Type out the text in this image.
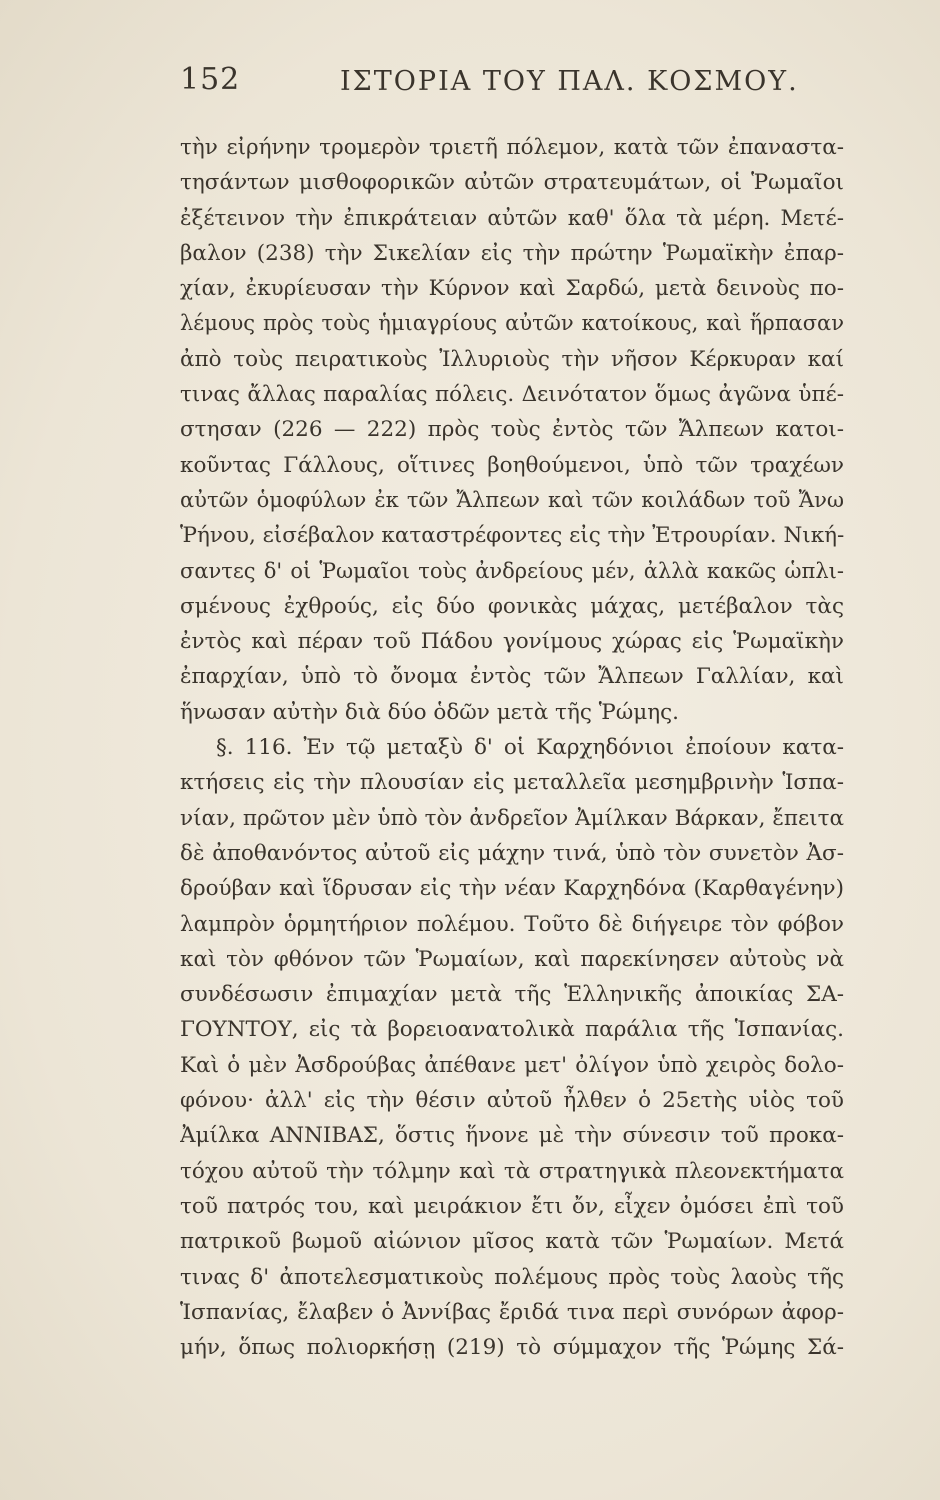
152	ΙΣΤΟΡΙΑ ΤΟΥ ΠΑΛ. ΚΟΣΜΟΥ.
τὴν εἰρήνην τρομερὸν τριετῆ πόλεμον, κατὰ τῶν ἐπαναστα-
τησάντων μισθοφορικῶν αὐτῶν στρατευμάτων, οἱ Ῥωμαῖοι
ἐξέτεινον τὴν ἐπικράτειαν αὐτῶν καθ' ὅλα τὰ μέρη. Μετέ-
βαλον (238) τὴν Σικελίαν εἰς τὴν πρώτην Ῥωμαϊκὴν ἐπαρ-
χίαν, ἐκυρίευσαν τὴν Κύρνον καὶ Σαρδώ, μετὰ δεινοὺς πο-
λέμους πρὸς τοὺς ἡμιαγρίους αὐτῶν κατοίκους, καὶ ἥρπασαν
ἀπὸ τοὺς πειρατικοὺς Ἰλλυριοὺς τὴν νῆσον Κέρκυραν καί
τινας ἄλλας παραλίας πόλεις. Δεινότατον ὅμως ἀγῶνα ὑπέ-
στησαν (226 — 222) πρὸς τοὺς ἐντὸς τῶν Ἄλπεων κατοι-
κοῦντας Γάλλους, οἵτινες βοηθούμενοι, ὑπὸ τῶν τραχέων
αὐτῶν ὁμοφύλων ἐκ τῶν Ἄλπεων καὶ τῶν κοιλάδων τοῦ Ἄνω
Ῥήνου, εἰσέβαλον καταστρέφοντες εἰς τὴν Ἐτρουρίαν. Νική-
σαντες δ' οἱ Ῥωμαῖοι τοὺς ἀνδρείους μέν, ἀλλὰ κακῶς ὡπλι-
σμένους ἐχθρούς, εἰς δύο φονικὰς μάχας, μετέβαλον τὰς
ἐντὸς καὶ πέραν τοῦ Πάδου γονίμους χώρας εἰς Ῥωμαϊκὴν
ἐπαρχίαν, ὑπὸ τὸ ὄνομα ἐντὸς τῶν Ἄλπεων Γαλλίαν, καὶ
ἥνωσαν αὐτὴν διὰ δύο ὁδῶν μετὰ τῆς Ῥώμης.
§. 116. Ἐν τῷ μεταξὺ δ' οἱ Καρχηδόνιοι ἐποίουν κατα-
κτήσεις εἰς τὴν πλουσίαν εἰς μεταλλεῖα μεσημβρινὴν Ἱσπα-
νίαν, πρῶτον μὲν ὑπὸ τὸν ἀνδρεῖον Ἀμίλκαν Βάρκαν, ἔπειτα
δὲ ἀποθανόντος αὐτοῦ εἰς μάχην τινά, ὑπὸ τὸν συνετὸν Ἀσ-
δρούβαν καὶ ἵδρυσαν εἰς τὴν νέαν Καρχηδόνα (Καρθαγένην)
λαμπρὸν ὁρμητήριον πολέμου. Τοῦτο δὲ διήγειρε τὸν φόβον
καὶ τὸν φθόνον τῶν Ῥωμαίων, καὶ παρεκίνησεν αὐτοὺς νὰ
συνδέσωσιν ἐπιμαχίαν μετὰ τῆς Ἑλληνικῆς ἀποικίας ΣΑ-
ΓΟΥΝΤΟΥ, εἰς τὰ βορειοανατολικὰ παράλια τῆς Ἱσπανίας.
Καὶ ὁ μὲν Ἀσδρούβας ἀπέθανε μετ' ὀλίγον ὑπὸ χειρὸς δολο-
φόνου· ἀλλ' εἰς τὴν θέσιν αὐτοῦ ἦλθεν ὁ 25ετὴς υἱὸς τοῦ
Ἀμίλκα ΑΝΝΙΒΑΣ, ὅστις ἥνονε μὲ τὴν σύνεσιν τοῦ προκα-
τόχου αὐτοῦ τὴν τόλμην καὶ τὰ στρατηγικὰ πλεονεκτήματα
τοῦ πατρός του, καὶ μειράκιον ἔτι ὄν, εἶχεν ὀμόσει ἐπὶ τοῦ
πατρικοῦ βωμοῦ αἰώνιον μῖσος κατὰ τῶν Ῥωμαίων. Μετά
τινας δ' ἀποτελεσματικοὺς πολέμους πρὸς τοὺς λαοὺς τῆς
Ἱσπανίας, ἔλαβεν ὁ Ἀννίβας ἔριδά τινα περὶ συνόρων ἀφορ-
μήν, ὅπως πολιορκήσῃ (219) τὸ σύμμαχον τῆς Ῥώμης Σά-
